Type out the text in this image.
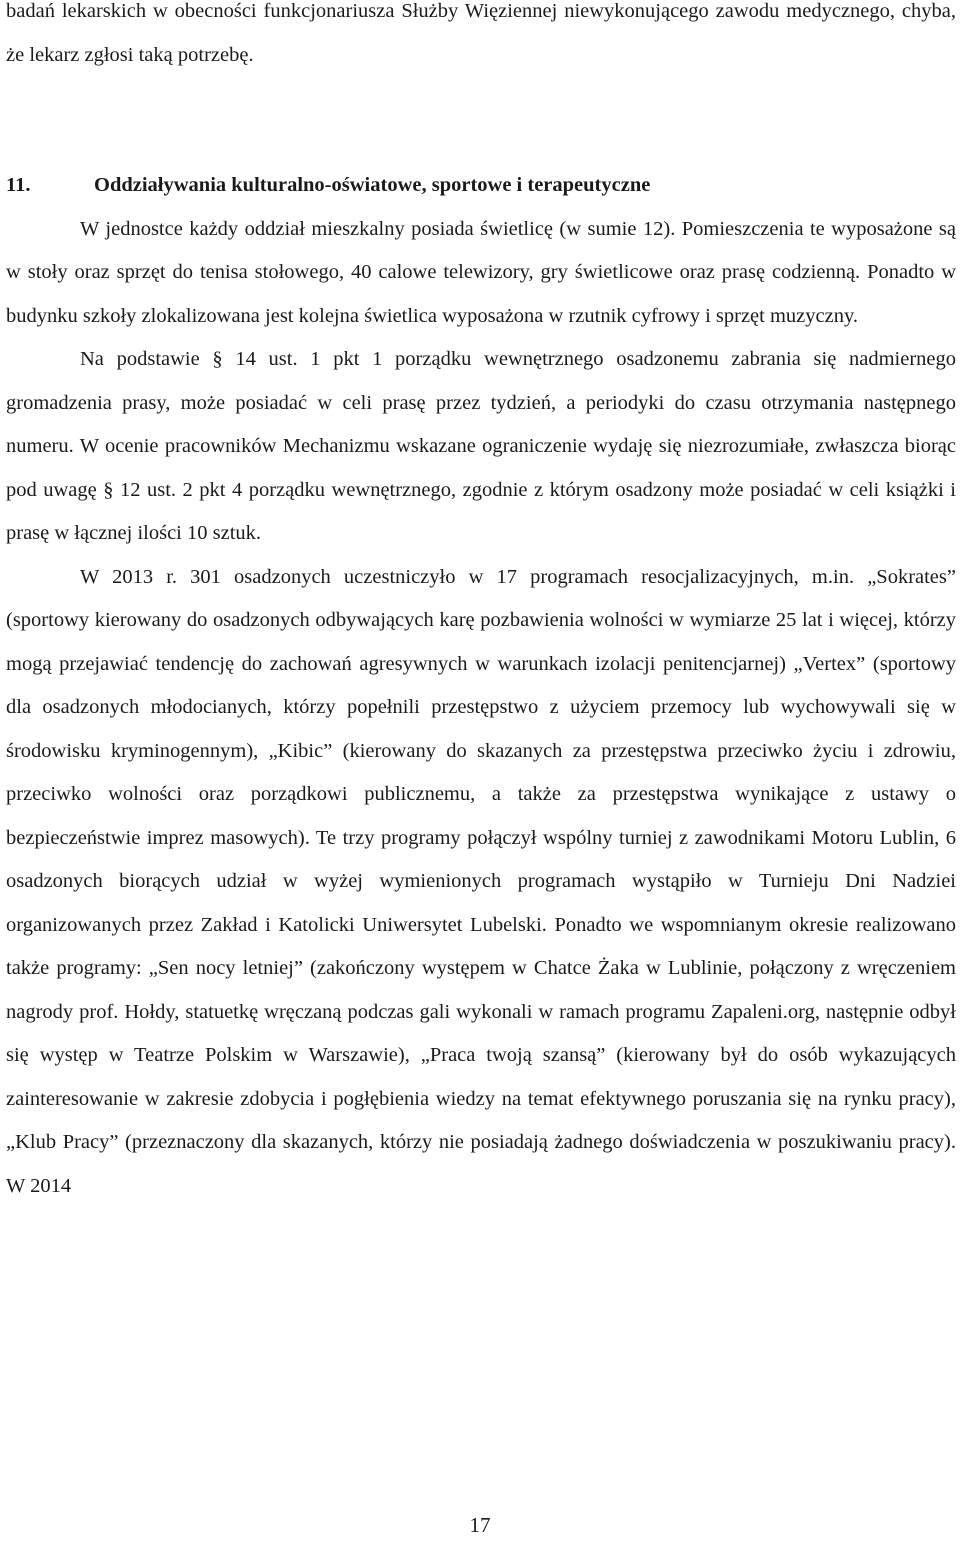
badań lekarskich w obecności funkcjonariusza Służby Więziennej niewykonującego zawodu medycznego, chyba, że lekarz zgłosi taką potrzebę.

11.	Oddziaływania kulturalno-oświatowe, sportowe i terapeutyczne

W jednostce każdy oddział mieszkalny posiada świetlicę (w sumie 12). Pomieszczenia te wyposażone są w stoły oraz sprzęt do tenisa stołowego, 40 calowe telewizory, gry świetlicowe oraz prasę codzienną. Ponadto w budynku szkoły zlokalizowana jest kolejna świetlica wyposażona w rzutnik cyfrowy i sprzęt muzyczny.

Na podstawie § 14 ust. 1 pkt 1 porządku wewnętrznego osadzonemu zabrania się nadmiernego gromadzenia prasy, może posiadać w celi prasę przez tydzień, a periodyki do czasu otrzymania następnego numeru. W ocenie pracowników Mechanizmu wskazane ograniczenie wydaję się niezrozumiałe, zwłaszcza biorąc pod uwagę § 12 ust. 2 pkt 4 porządku wewnętrznego, zgodnie z którym osadzony może posiadać w celi książki i prasę w łącznej ilości 10 sztuk.

W 2013 r. 301 osadzonych uczestniczyło w 17 programach resocjalizacyjnych, m.in. „Sokrates” (sportowy kierowany do osadzonych odbywających karę pozbawienia wolności w wymiarze 25 lat i więcej, którzy mogą przejawiać tendencję do zachowań agresywnych w warunkach izolacji penitencjarnej) „Vertex” (sportowy dla osadzonych młodocianych, którzy popełnili przestępstwo z użyciem przemocy lub wychowywali się w środowisku kryminogennym), „Kibic” (kierowany do skazanych za przestępstwa przeciwko życiu i zdrowiu, przeciwko wolności oraz porządkowi publicznemu, a także za przestępstwa wynikające z ustawy o bezpieczeństwie imprez masowych). Te trzy programy połączył wspólny turniej z zawodnikami Motoru Lublin, 6 osadzonych biorących udział w wyżej wymienionych programach wystąpiło w Turnieju Dni Nadziei organizowanych przez Zakład i Katolicki Uniwersytet Lubelski. Ponadto we wspomnianym okresie realizowano także programy: „Sen nocy letniej” (zakończony występem w Chatce Żaka w Lublinie, połączony z wręczeniem nagrody prof. Hołdy, statuetkę wręczaną podczas gali wykonali w ramach programu Zapaleni.org, następnie odbył się występ w Teatrze Polskim w Warszawie), „Praca twoją szansą” (kierowany był do osób wykazujących zainteresowanie w zakresie zdobycia i pogłębienia wiedzy na temat efektywnego poruszania się na rynku pracy), „Klub Pracy” (przeznaczony dla skazanych, którzy nie posiadają żadnego doświadczenia w poszukiwaniu pracy). W 2014

17
